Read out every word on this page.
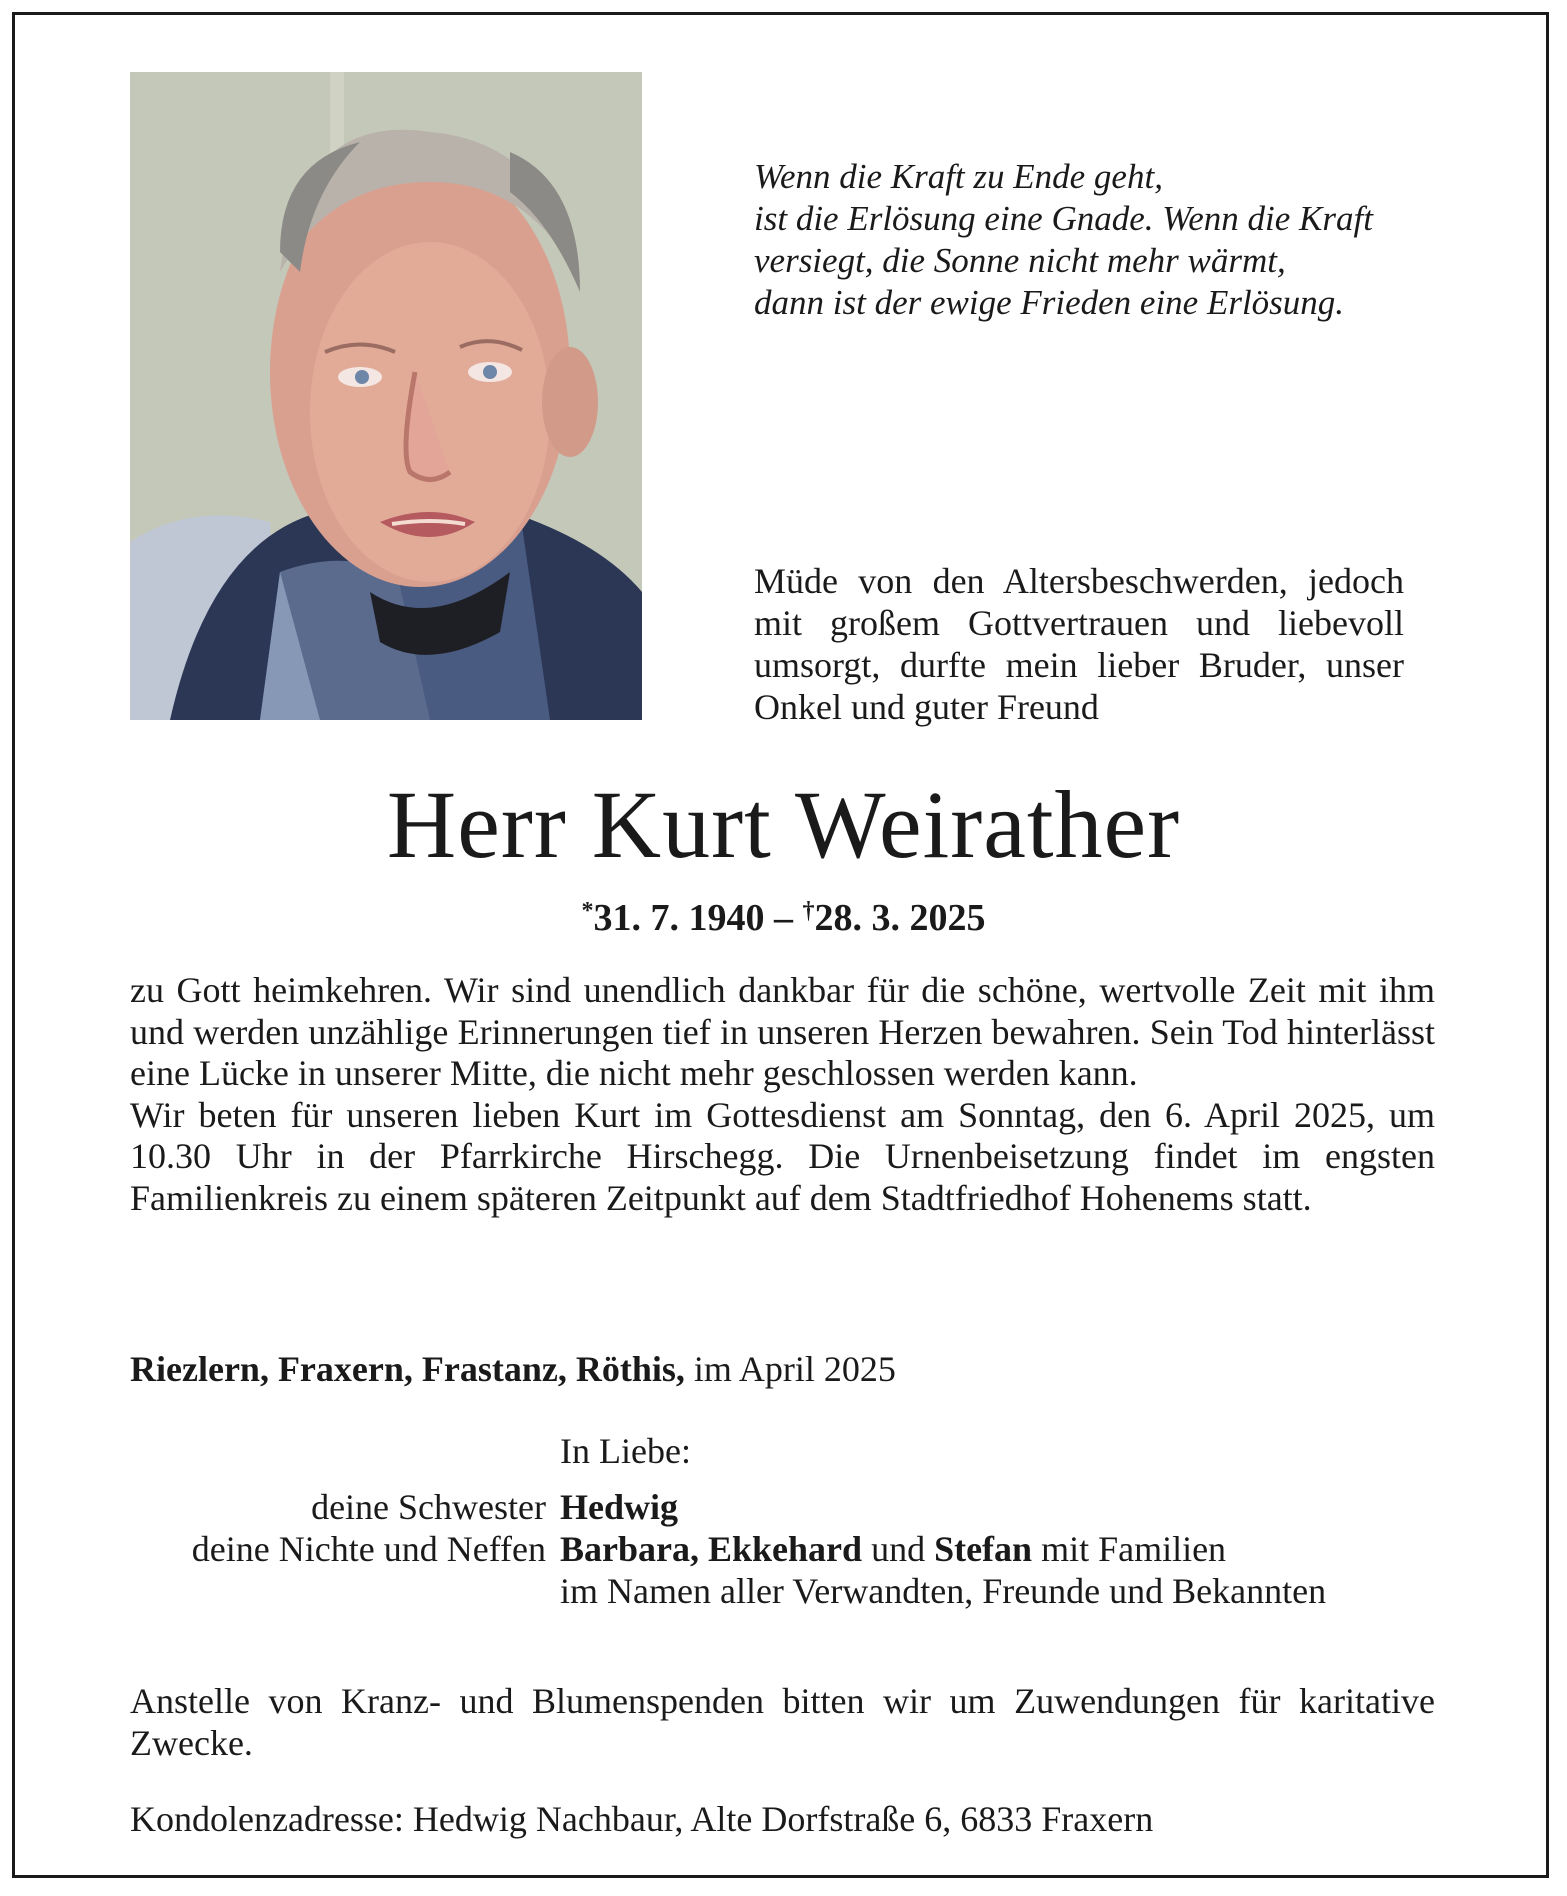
Wenn die Kraft zu Ende geht,
ist die Erlösung eine Gnade. Wenn die Kraft
versiegt, die Sonne nicht mehr wärmt,
dann ist der ewige Frieden eine Erlösung.
Müde von den Altersbeschwerden, jedoch mit großem Gottvertrauen und liebevoll umsorgt, durfte mein lieber Bruder, unser Onkel und guter Freund
Herr Kurt Weirather
*31. 7. 1940 – †28. 3. 2025
zu Gott heimkehren. Wir sind unendlich dankbar für die schöne, wertvolle Zeit mit ihm und werden unzählige Erinnerungen tief in unseren Herzen bewahren. Sein Tod hinterlässt eine Lücke in unserer Mitte, die nicht mehr geschlossen werden kann.
Wir beten für unseren lieben Kurt im Gottesdienst am Sonntag, den 6. April 2025, um 10.30 Uhr in der Pfarrkirche Hirschegg. Die Urnenbeisetzung findet im engsten Familienkreis zu einem späteren Zeitpunkt auf dem Stadtfriedhof Hohenems statt.
Riezlern, Fraxern, Frastanz, Röthis, im April 2025
In Liebe:
deine Schwester Hedwig
deine Nichte und Neffen Barbara, Ekkehard und Stefan mit Familien
im Namen aller Verwandten, Freunde und Bekannten
Anstelle von Kranz- und Blumenspenden bitten wir um Zuwendungen für karitative Zwecke.
Kondolenzadresse: Hedwig Nachbaur, Alte Dorfstraße 6, 6833 Fraxern
